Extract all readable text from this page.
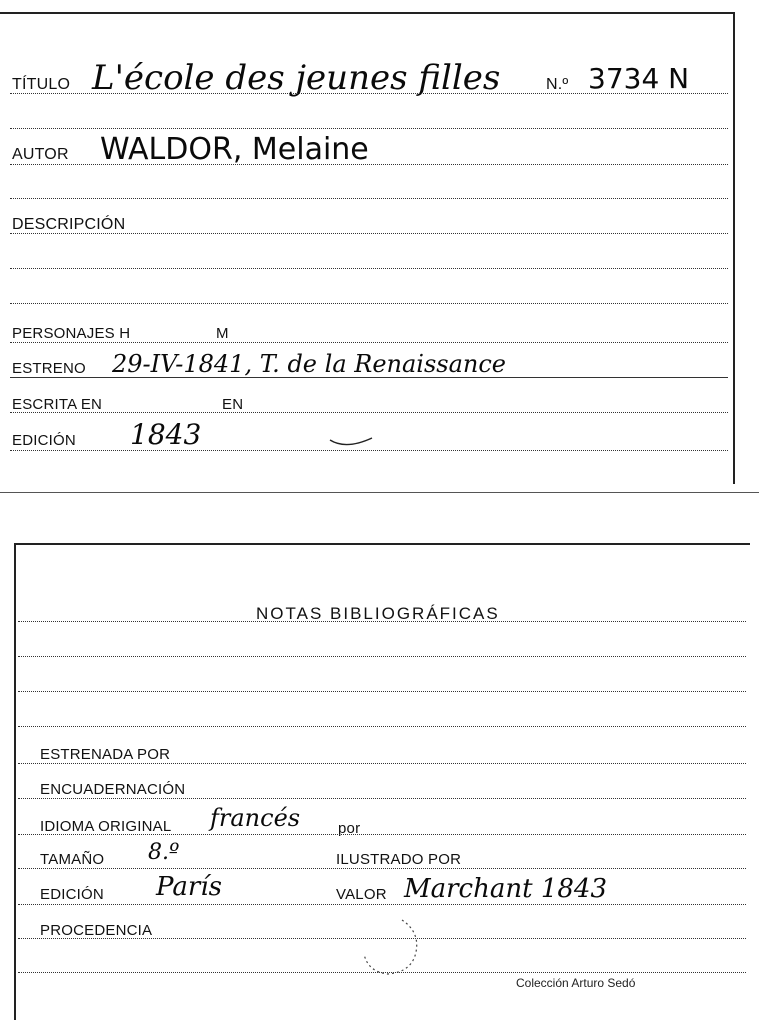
TÍTULO L'école des jeunes filles	N.º 3734 N
AUTOR WALDOR, Melaine
DESCRIPCIÓN
PERSONAJES H	M
ESTRENO 29-IV-1841, T. de la Renaissance
ESCRITA EN	EN
EDICIÓN 1843
NOTAS BIBLIOGRÁFICAS
ESTRENADA POR
ENCUADERNACIÓN
IDIOMA ORIGINAL francés	por
TAMAÑO 8.º	ILUSTRADO POR
EDICIÓN París	VALOR Marchant 1843
PROCEDENCIA
Colección Arturo Sedó
